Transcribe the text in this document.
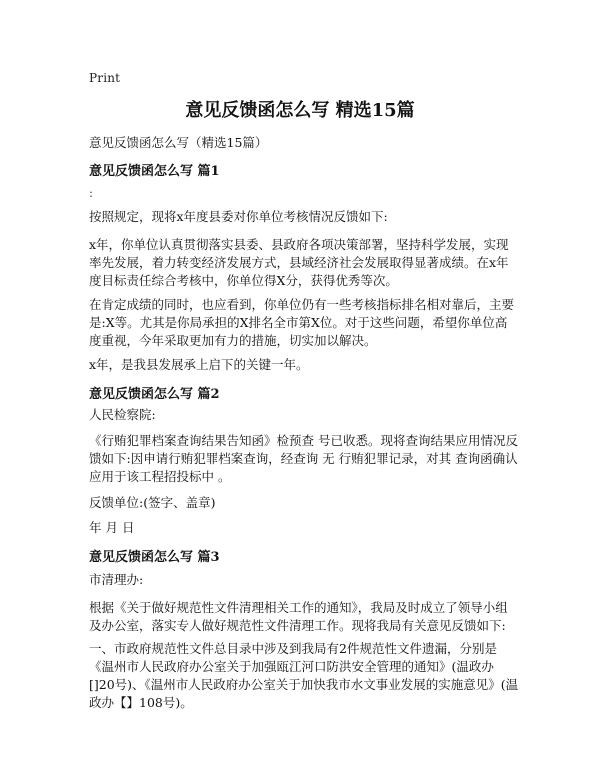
Print
意见反馈函怎么写 精选15篇
意见反馈函怎么写（精选15篇）
意见反馈函怎么写 篇1
:
按照规定，现将x年度县委对你单位考核情况反馈如下:
x年，你单位认真贯彻落实县委、县政府各项决策部署，坚持科学发展，实现率先发展，着力转变经济发展方式，县域经济社会发展取得显著成绩。在x年度目标责任综合考核中，你单位得X分，获得优秀等次。
在肯定成绩的同时，也应看到，你单位仍有一些考核指标排名相对靠后，主要是:X等。尤其是你局承担的X排名全市第X位。对于这些问题，希望你单位高度重视，今年采取更加有力的措施，切实加以解决。
x年，是我县发展承上启下的关键一年。
意见反馈函怎么写 篇2
人民检察院:
《行贿犯罪档案查询结果告知函》检预查 号已收悉。现将查询结果应用情况反馈如下:因申请行贿犯罪档案查询，经查询 无 行贿犯罪记录，对其 查询函确认应用于该工程招投标中 。
反馈单位:(签字、盖章)
年 月 日
意见反馈函怎么写 篇3
市清理办:
根据《关于做好规范性文件清理相关工作的通知》，我局及时成立了领导小组及办公室，落实专人做好规范性文件清理工作。现将我局有关意见反馈如下:
一、市政府规范性文件总目录中涉及到我局有2件规范性文件遗漏，分别是《温州市人民政府办公室关于加强瓯江河口防洪安全管理的通知》(温政办[]20号)、《温州市人民政府办公室关于加快我市水文事业发展的实施意见》(温政办【】108号)。
